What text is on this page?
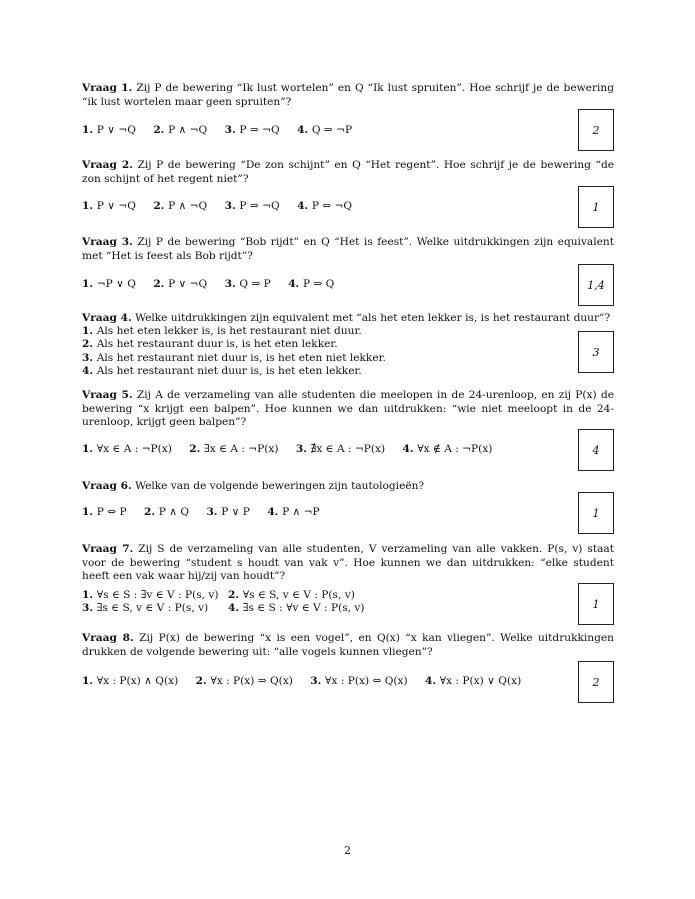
Vraag 1. Zij P de bewering “Ik lust wortelen” en Q “Ik lust spruiten”. Hoe schrijf je de bewering “ik lust wortelen maar geen spruiten”?

1. P ∨ ¬Q 2. P ∧ ¬Q 3. P ⇒ ¬Q 4. Q ⇒ ¬P	2

Vraag 2. Zij P de bewering “De zon schijnt” en Q “Het regent”. Hoe schrijf je de bewering “de zon schijnt of het regent niet”?

1. P ∨ ¬Q 2. P ∧ ¬Q 3. P ⇒ ¬Q 4. P ⇔ ¬Q	1

Vraag 3. Zij P de bewering “Bob rijdt” en Q “Het is feest”. Welke uitdrukkingen zijn equivalent met “Het is feest als Bob rijdt”?

1. ¬P ∨ Q 2. P ∨ ¬Q 3. Q ⇒ P 4. P ⇒ Q	1,4

Vraag 4. Welke uitdrukkingen zijn equivalent met “als het eten lekker is, is het restaurant duur”?

1. Als het eten lekker is, is het restaurant niet duur.
2. Als het restaurant duur is, is het eten lekker.
3. Als het restaurant niet duur is, is het eten niet lekker.
4. Als het restaurant niet duur is, is het eten lekker.
3

Vraag 5. Zij A de verzameling van alle studenten die meelopen in de 24-urenloop, en zij P(x) de bewering “x krijgt een balpen”. Hoe kunnen we dan uitdrukken: “wie niet meeloopt in de 24-urenloop, krijgt geen balpen”?

1. ∀x ∈ A : ¬P(x) 2. ∃x ∈ A : ¬P(x) 3. ∄x ∈ A : ¬P(x) 4. ∀x ∉ A : ¬P(x)	4

Vraag 6. Welke van de volgende beweringen zijn tautologieën?

1. P ⇔ P 2. P ∧ Q 3. P ∨ P 4. P ∧ ¬P	1

Vraag 7. Zij S de verzameling van alle studenten, V verzameling van alle vakken. P(s, v) staat voor de bewering “student s houdt van vak v”. Hoe kunnen we dan uitdrukken: “elke student heeft een vak waar hij/zij van houdt”?

1. ∀s ∈ S : ∃v ∈ V : P(s, v) 2. ∀s ∈ S, v ∈ V : P(s, v)
3. ∃s ∈ S, v ∈ V : P(s, v) 4. ∃s ∈ S : ∀v ∈ V : P(s, v)	1

Vraag 8. Zij P(x) de bewering “x is een vogel”, en Q(x) “x kan vliegen”. Welke uitdrukkingen drukken de volgende bewering uit: “alle vogels kunnen vliegen”?

1. ∀x : P(x) ∧ Q(x) 2. ∀x : P(x) ⇒ Q(x) 3. ∀x : P(x) ⇔ Q(x) 4. ∀x : P(x) ∨ Q(x)	2
2
